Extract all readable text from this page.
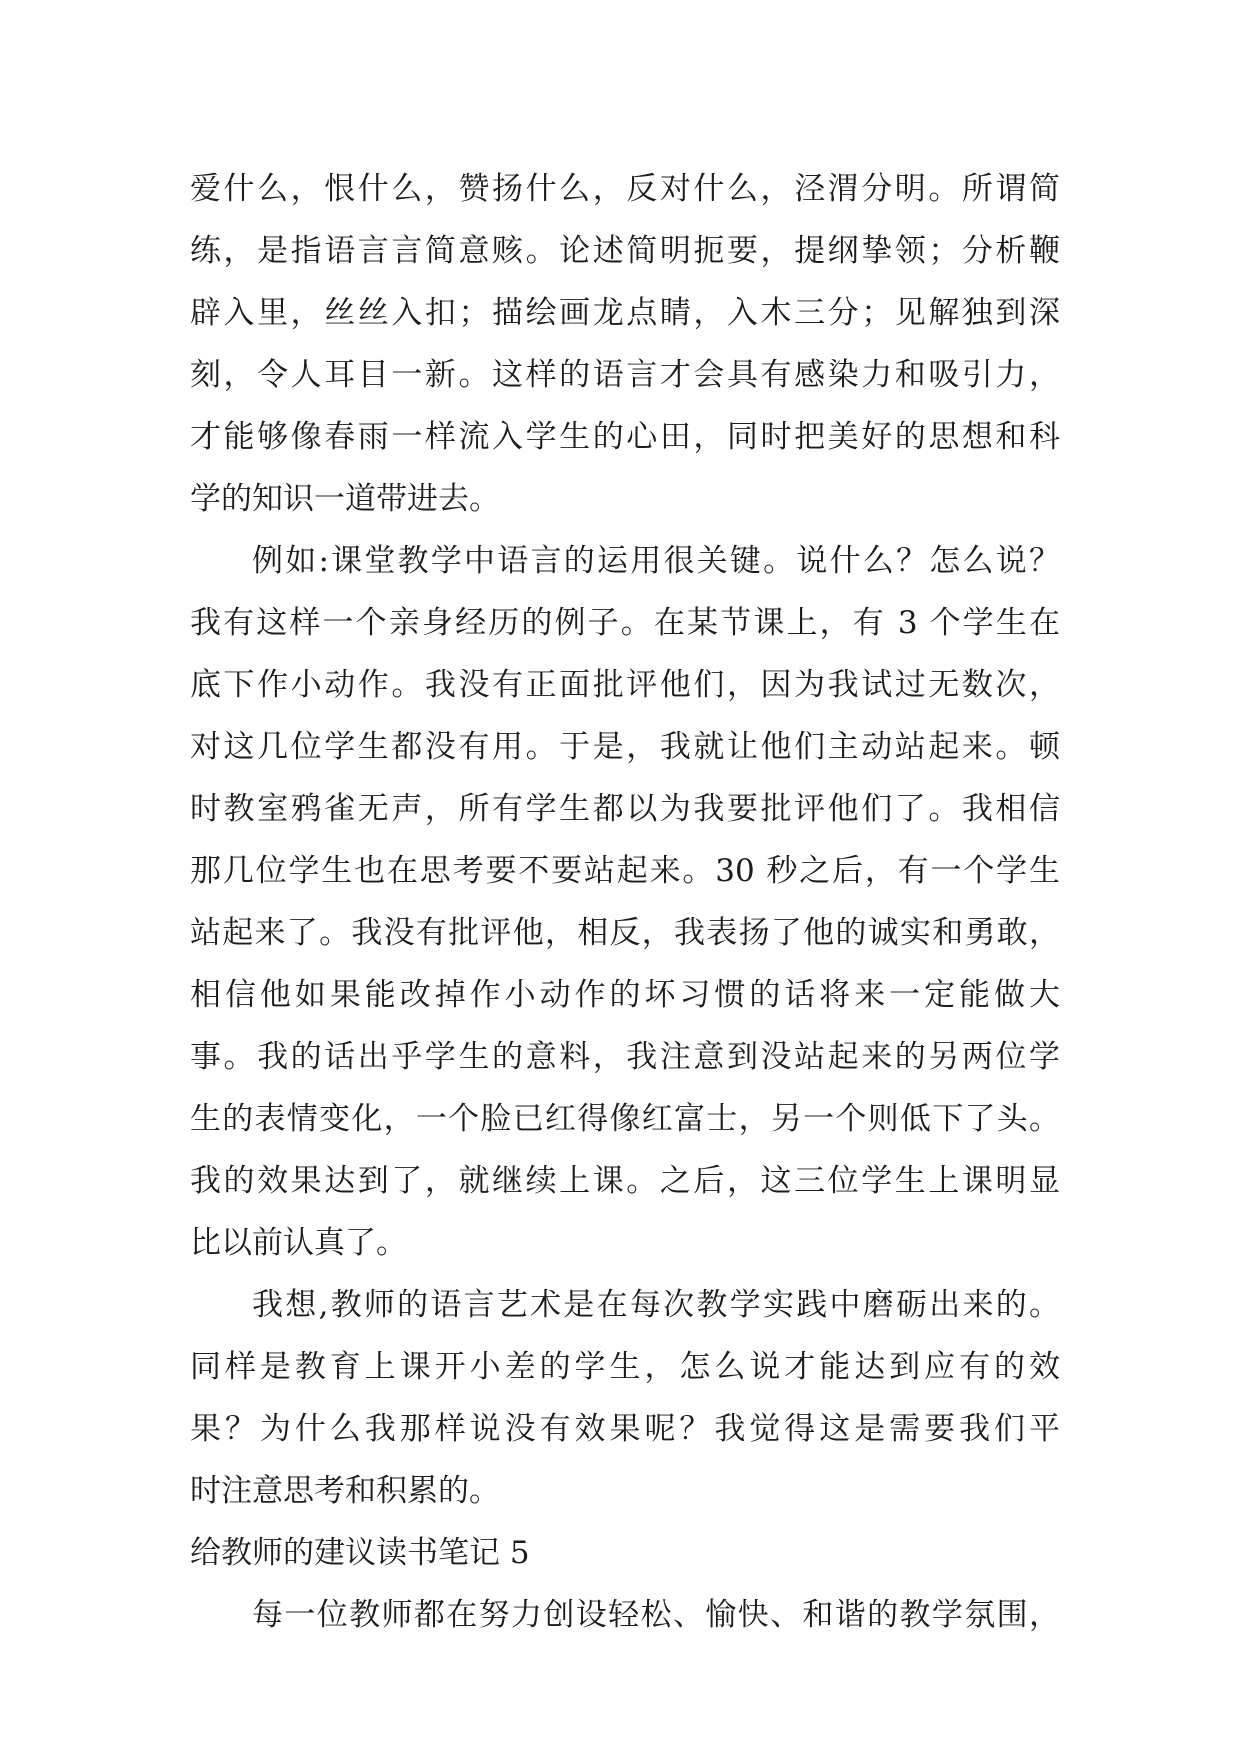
爱什么，恨什么，赞扬什么，反对什么，泾渭分明。所谓简
练，是指语言言简意赅。论述简明扼要，提纲挚领；分析鞭
辟入里，丝丝入扣；描绘画龙点睛，入木三分；见解独到深
刻，令人耳目一新。这样的语言才会具有感染力和吸引力，
才能够像春雨一样流入学生的心田，同时把美好的思想和科
学的知识一道带进去。
例如:课堂教学中语言的运用很关键。说什么？怎么说？
我有这样一个亲身经历的例子。在某节课上，有 3 个学生在
底下作小动作。我没有正面批评他们，因为我试过无数次，
对这几位学生都没有用。于是，我就让他们主动站起来。顿
时教室鸦雀无声，所有学生都以为我要批评他们了。我相信
那几位学生也在思考要不要站起来。30 秒之后，有一个学生
站起来了。我没有批评他，相反，我表扬了他的诚实和勇敢，
相信他如果能改掉作小动作的坏习惯的话将来一定能做大
事。我的话出乎学生的意料，我注意到没站起来的另两位学
生的表情变化，一个脸已红得像红富士，另一个则低下了头。
我的效果达到了，就继续上课。之后，这三位学生上课明显
比以前认真了。
我想,教师的语言艺术是在每次教学实践中磨砺出来的。
同样是教育上课开小差的学生，怎么说才能达到应有的效
果？为什么我那样说没有效果呢？我觉得这是需要我们平
时注意思考和积累的。
给教师的建议读书笔记 5
每一位教师都在努力创设轻松、愉快、和谐的教学氛围，
